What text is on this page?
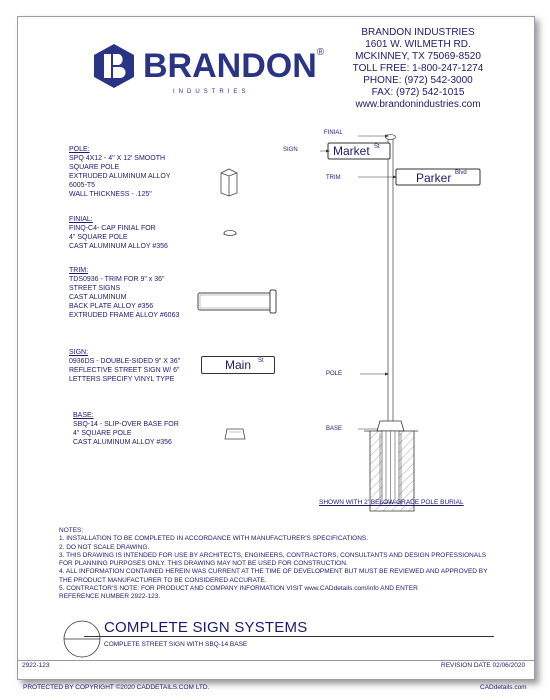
BRANDON®
INDUSTRIES
BRANDON INDUSTRIES
1601 W. WILMETH RD.
MCKINNEY, TX 75069-8520
TOLL FREE: 1-800-247-1274
PHONE: (972) 542-3000
FAX: (972) 542-1015
www.brandonindustries.com
POLE:
SPQ 4X12 - 4" X 12' SMOOTH
SQUARE POLE
EXTRUDED ALUMINUM ALLOY
6005-T5
WALL THICKNESS - .125"
FINIAL:
FINQ-C4- CAP FINIAL FOR
4" SQUARE POLE
CAST ALUMINUM ALLOY #356
TRIM:
TDS0936 - TRIM FOR 9" x 36"
STREET SIGNS
CAST ALUMINUM
BACK PLATE ALLOY #356
EXTRUDED FRAME ALLOY #6063
SIGN:
0936DS - DOUBLE-SIDED 9" X 36"
REFLECTIVE STREET SIGN W/ 6"
LETTERS SPECIFY VINYL TYPE
BASE:
SBQ-14 - SLIP-OVER BASE FOR
4" SQUARE POLE
CAST ALUMINUM ALLOY #356
Main St
FINIAL
SIGN
TRIM
POLE
BASE
Market St
Parker Blvd
SHOWN WITH 2' BELOW GRADE POLE BURIAL
NOTES:
1. INSTALLATION TO BE COMPLETED IN ACCORDANCE WITH MANUFACTURER'S SPECIFICATIONS.
2. DO NOT SCALE DRAWING.
3. THIS DRAWING IS INTENDED FOR USE BY ARCHITECTS, ENGINEERS, CONTRACTORS, CONSULTANTS AND DESIGN PROFESSIONALS
FOR PLANNING PURPOSES ONLY. THIS DRAWING MAY NOT BE USED FOR CONSTRUCTION.
4. ALL INFORMATION CONTAINED HEREIN WAS CURRENT AT THE TIME OF DEVELOPMENT BUT MUST BE REVIEWED AND APPROVED BY
THE PRODUCT MANUFACTURER TO BE CONSIDERED ACCURATE.
5. CONTRACTOR'S NOTE: FOR PRODUCT AND COMPANY INFORMATION VISIT www.CADdetails.com/info AND ENTER
REFERENCE NUMBER 2922-123.
COMPLETE SIGN SYSTEMS
COMPLETE STREET SIGN WITH SBQ-14 BASE
2922-123	REVISION DATE 02/06/2020
PROTECTED BY COPYRIGHT ©2020 CADDETAILS.COM LTD.	CADdetails.com
